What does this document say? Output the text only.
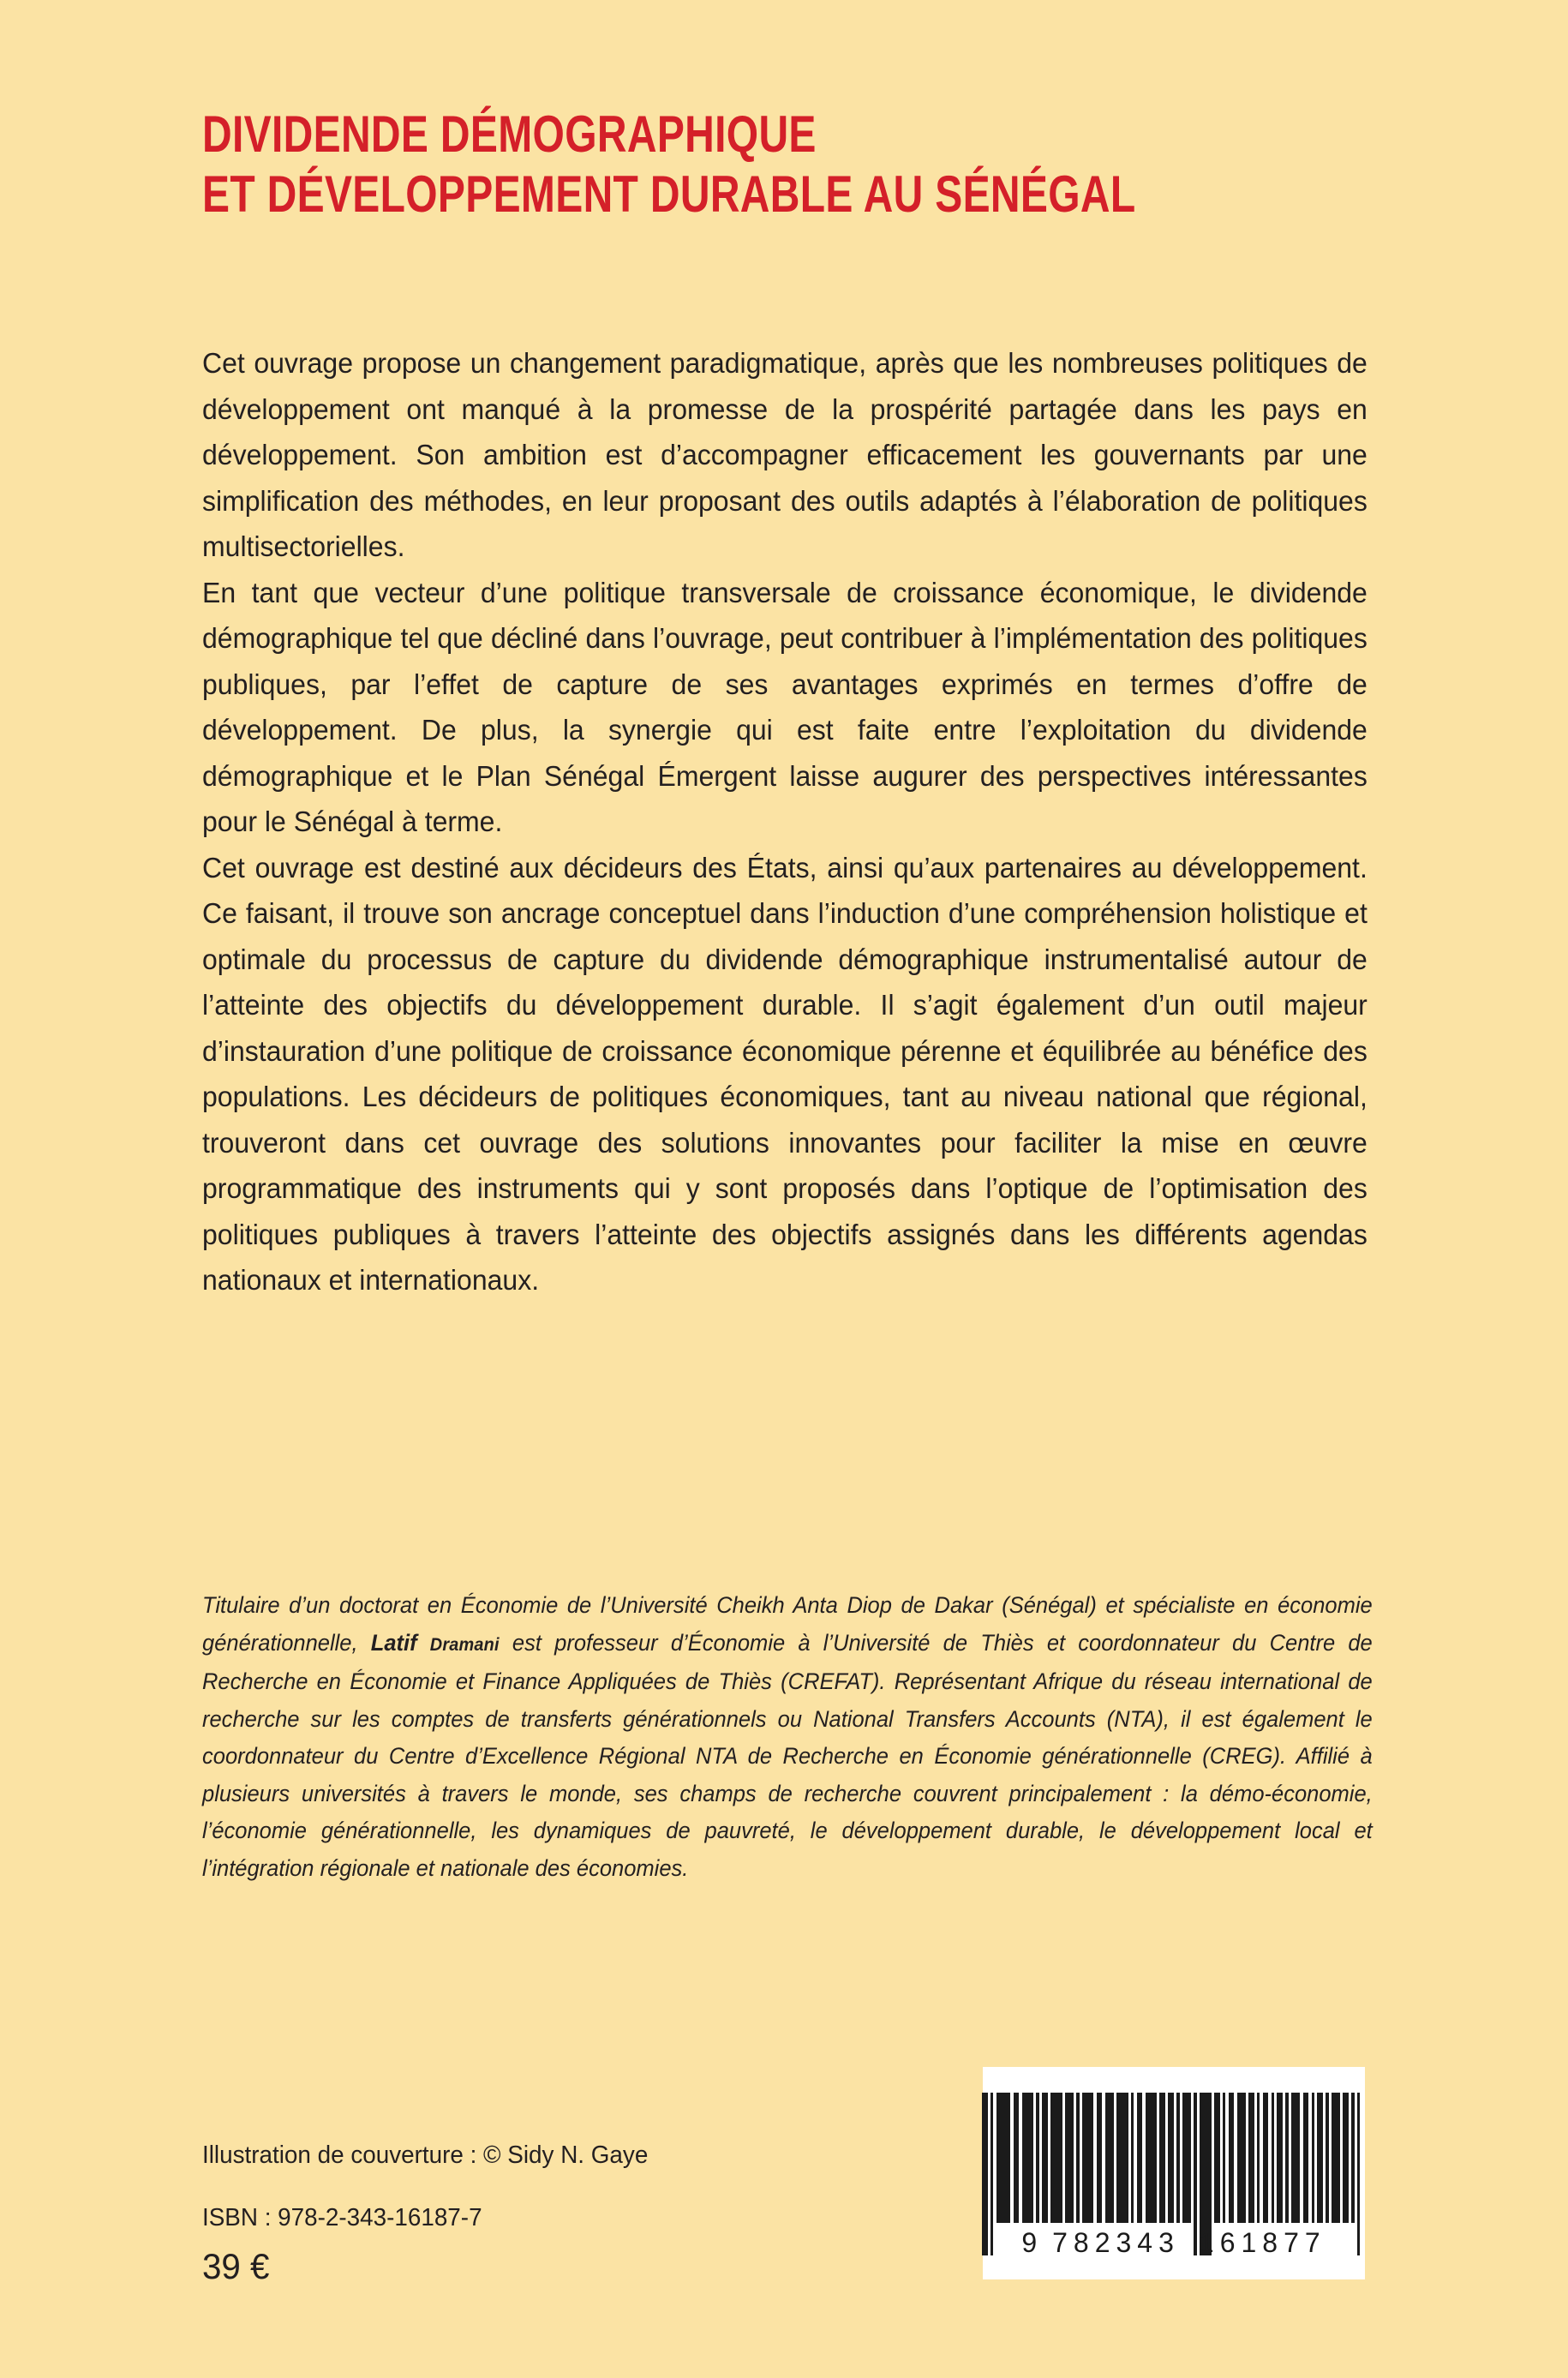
DIVIDENDE DÉMOGRAPHIQUE
ET DÉVELOPPEMENT DURABLE AU SÉNÉGAL

Cet ouvrage propose un changement paradigmatique, après que les nombreuses politiques de développement ont manqué à la promesse de la prospérité partagée dans les pays en développement. Son ambition est d’accompagner efficacement les gouvernants par une simplification des méthodes, en leur proposant des outils adaptés à l’élaboration de politiques multisectorielles.

En tant que vecteur d’une politique transversale de croissance économique, le dividende démographique tel que décliné dans l’ouvrage, peut contribuer à l’implémentation des politiques publiques, par l’effet de capture de ses avantages exprimés en termes d’offre de développement. De plus, la synergie qui est faite entre l’exploitation du dividende démographique et le Plan Sénégal Émergent laisse augurer des perspectives intéressantes pour le Sénégal à terme.

Cet ouvrage est destiné aux décideurs des États, ainsi qu’aux partenaires au développement. Ce faisant, il trouve son ancrage conceptuel dans l’induction d’une compréhension holistique et optimale du processus de capture du dividende démographique instrumentalisé autour de l’atteinte des objectifs du développement durable. Il s’agit également d’un outil majeur d’instauration d’une politique de croissance économique pérenne et équilibrée au bénéfice des populations. Les décideurs de politiques économiques, tant au niveau national que régional, trouveront dans cet ouvrage des solutions innovantes pour faciliter la mise en œuvre programmatique des instruments qui y sont proposés dans l’optique de l’optimisation des politiques publiques à travers l’atteinte des objectifs assignés dans les différents agendas nationaux et internationaux.

Titulaire d’un doctorat en Économie de l’Université Cheikh Anta Diop de Dakar (Sénégal) et spécialiste en économie générationnelle, Latif Dramani est professeur d’Économie à l’Université de Thiès et coordonnateur du Centre de Recherche en Économie et Finance Appliquées de Thiès (CREFAT). Représentant Afrique du réseau international de recherche sur les comptes de transferts générationnels ou National Transfers Accounts (NTA), il est également le coordonnateur du Centre d’Excellence Régional NTA de Recherche en Économie générationnelle (CREG). Affilié à plusieurs universités à travers le monde, ses champs de recherche couvrent principalement : la démo-économie, l’économie générationnelle, les dynamiques de pauvreté, le développement durable, le développement local et l’intégration régionale et nationale des économies.

Illustration de couverture : © Sidy N. Gaye
ISBN : 978-2-343-16187-7
39 €
9 782343 161877
